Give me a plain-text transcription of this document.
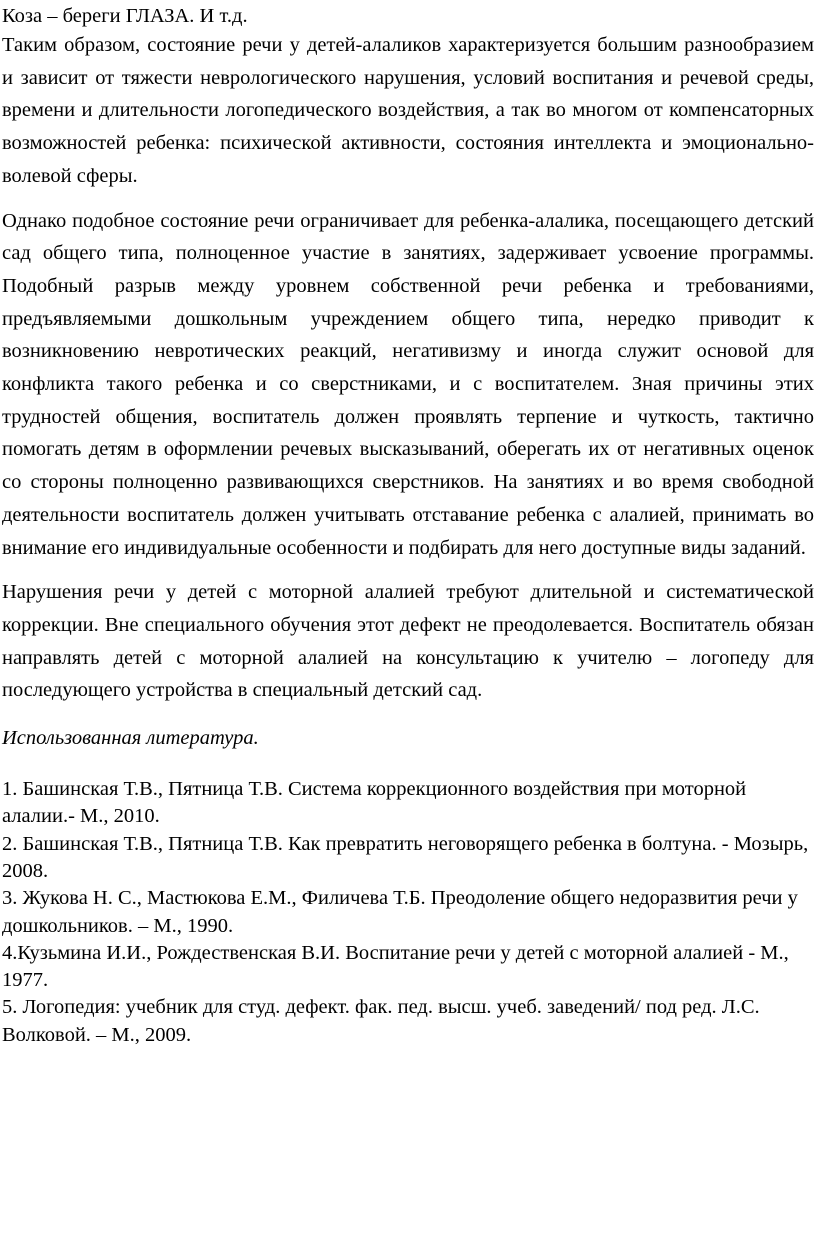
Коза – береги ГЛАЗА. И т.д.

Таким образом, состояние речи у детей-алаликов характеризуется большим разнообразием и зависит от тяжести неврологического нарушения, условий воспитания и речевой среды, времени и длительности логопедического воздействия, а так во многом от компенсаторных возможностей ребенка: психической активности, состояния интеллекта и эмоционально-волевой сферы.

Однако подобное состояние речи ограничивает для ребенка-алалика, посещающего детский сад общего типа, полноценное участие в занятиях, задерживает усвоение программы. Подобный разрыв между уровнем собственной речи ребенка и требованиями, предъявляемыми дошкольным учреждением общего типа, нередко приводит к возникновению невротических реакций, негативизму и иногда служит основой для конфликта такого ребенка и со сверстниками, и с воспитателем. Зная причины этих трудностей общения, воспитатель должен проявлять терпение и чуткость, тактично помогать детям в оформлении речевых высказываний, оберегать их от негативных оценок со стороны полноценно развивающихся сверстников. На занятиях и во время свободной деятельности воспитатель должен учитывать отставание ребенка с алалией, принимать во внимание его индивидуальные особенности и подбирать для него доступные виды заданий.

Нарушения речи у детей с моторной алалией требуют длительной и систематической коррекции. Вне специального обучения этот дефект не преодолевается. Воспитатель обязан направлять детей с моторной алалией на консультацию к учителю – логопеду для последующего устройства в специальный детский сад.

Использованная литература.

1. Башинская Т.В., Пятница Т.В. Система коррекционного воздействия при моторной алалии.- М., 2010.
2. Башинская Т.В., Пятница Т.В. Как превратить неговорящего ребенка в болтуна. - Мозырь, 2008.
3. Жукова Н. С., Мастюкова Е.М., Филичева Т.Б. Преодоление общего недоразвития речи у дошкольников. – М., 1990.
4.Кузьмина И.И., Рождественская В.И. Воспитание речи у детей с моторной алалией - М., 1977.
5. Логопедия: учебник для студ. дефект. фак. пед. высш. учеб. заведений/ под ред. Л.С. Волковой. – М., 2009.
